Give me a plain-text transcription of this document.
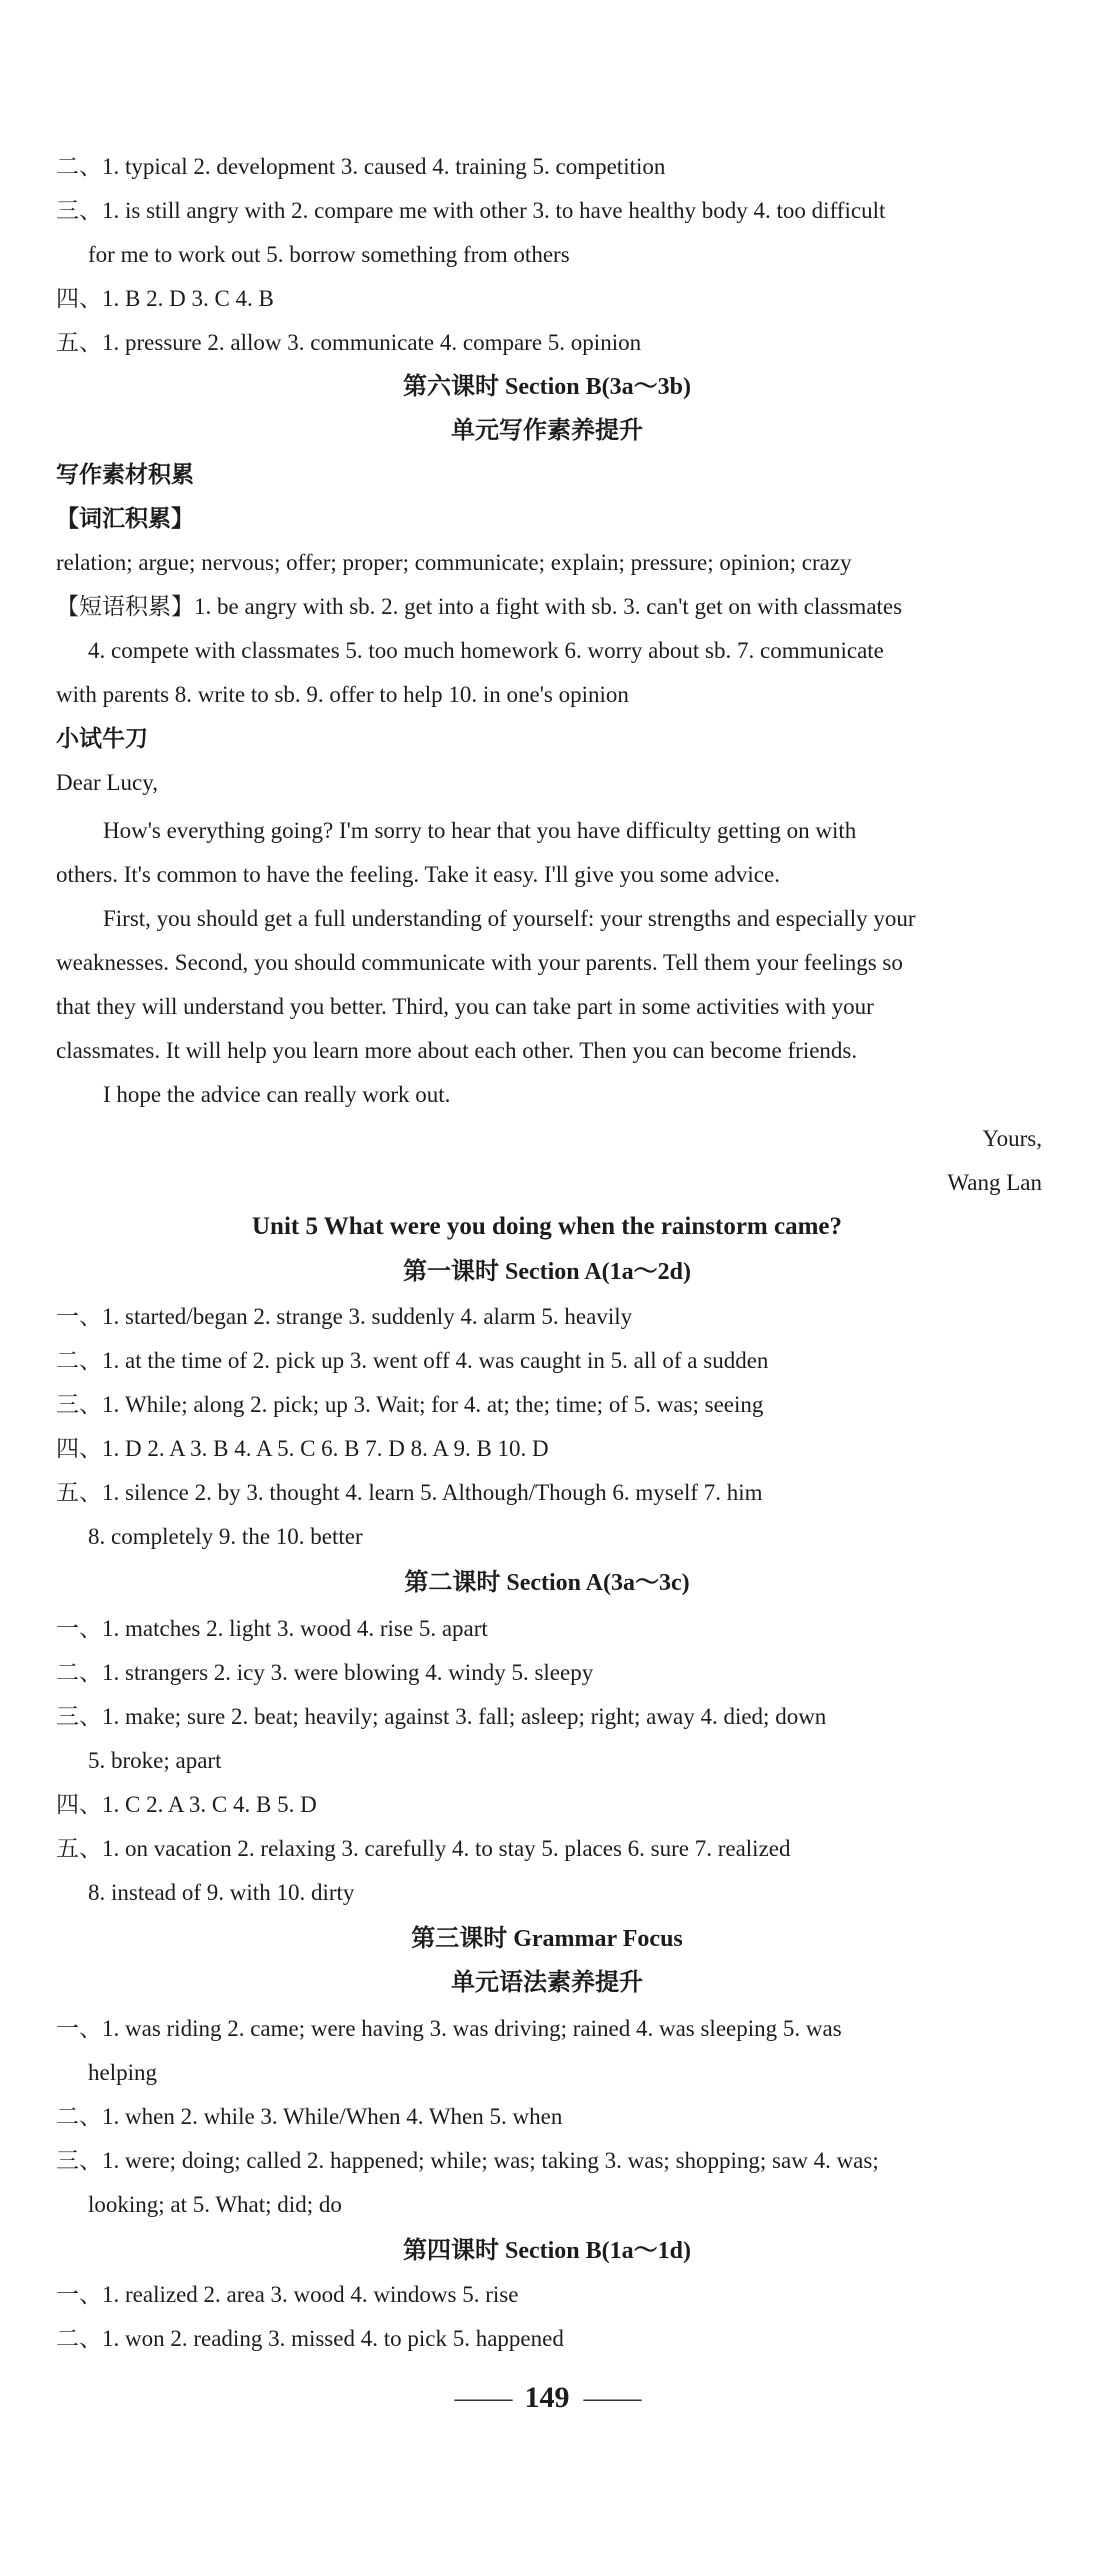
二、1. typical 2. development 3. caused 4. training 5. competition
三、1. is still angry with 2. compare me with other 3. to have healthy body 4. too difficult
for me to work out 5. borrow something from others
四、1. B 2. D 3. C 4. B
五、1. pressure 2. allow 3. communicate 4. compare 5. opinion
第六课时 Section B(3a～3b)
单元写作素养提升
写作素材积累
【词汇积累】
relation; argue; nervous; offer; proper; communicate; explain; pressure; opinion; crazy
【短语积累】1. be angry with sb. 2. get into a fight with sb. 3. can't get on with classmates
4. compete with classmates 5. too much homework 6. worry about sb. 7. communicate
with parents 8. write to sb. 9. offer to help 10. in one's opinion
小试牛刀
Dear Lucy,
How's everything going? I'm sorry to hear that you have difficulty getting on with
others. It's common to have the feeling. Take it easy. I'll give you some advice.
First, you should get a full understanding of yourself: your strengths and especially your
weaknesses. Second, you should communicate with your parents. Tell them your feelings so
that they will understand you better. Third, you can take part in some activities with your
classmates. It will help you learn more about each other. Then you can become friends.
I hope the advice can really work out.
Yours,
Wang Lan
Unit 5 What were you doing when the rainstorm came?
第一课时 Section A(1a～2d)
一、1. started/began 2. strange 3. suddenly 4. alarm 5. heavily
二、1. at the time of 2. pick up 3. went off 4. was caught in 5. all of a sudden
三、1. While; along 2. pick; up 3. Wait; for 4. at; the; time; of 5. was; seeing
四、1. D 2. A 3. B 4. A 5. C 6. B 7. D 8. A 9. B 10. D
五、1. silence 2. by 3. thought 4. learn 5. Although/Though 6. myself 7. him
8. completely 9. the 10. better
第二课时 Section A(3a～3c)
一、1. matches 2. light 3. wood 4. rise 5. apart
二、1. strangers 2. icy 3. were blowing 4. windy 5. sleepy
三、1. make; sure 2. beat; heavily; against 3. fall; asleep; right; away 4. died; down
5. broke; apart
四、1. C 2. A 3. C 4. B 5. D
五、1. on vacation 2. relaxing 3. carefully 4. to stay 5. places 6. sure 7. realized
8. instead of 9. with 10. dirty
第三课时 Grammar Focus
单元语法素养提升
一、1. was riding 2. came; were having 3. was driving; rained 4. was sleeping 5. was
helping
二、1. when 2. while 3. While/When 4. When 5. when
三、1. were; doing; called 2. happened; while; was; taking 3. was; shopping; saw 4. was;
looking; at 5. What; did; do
第四课时 Section B(1a～1d)
一、1. realized 2. area 3. wood 4. windows 5. rise
二、1. won 2. reading 3. missed 4. to pick 5. happened
—— 149 ——
